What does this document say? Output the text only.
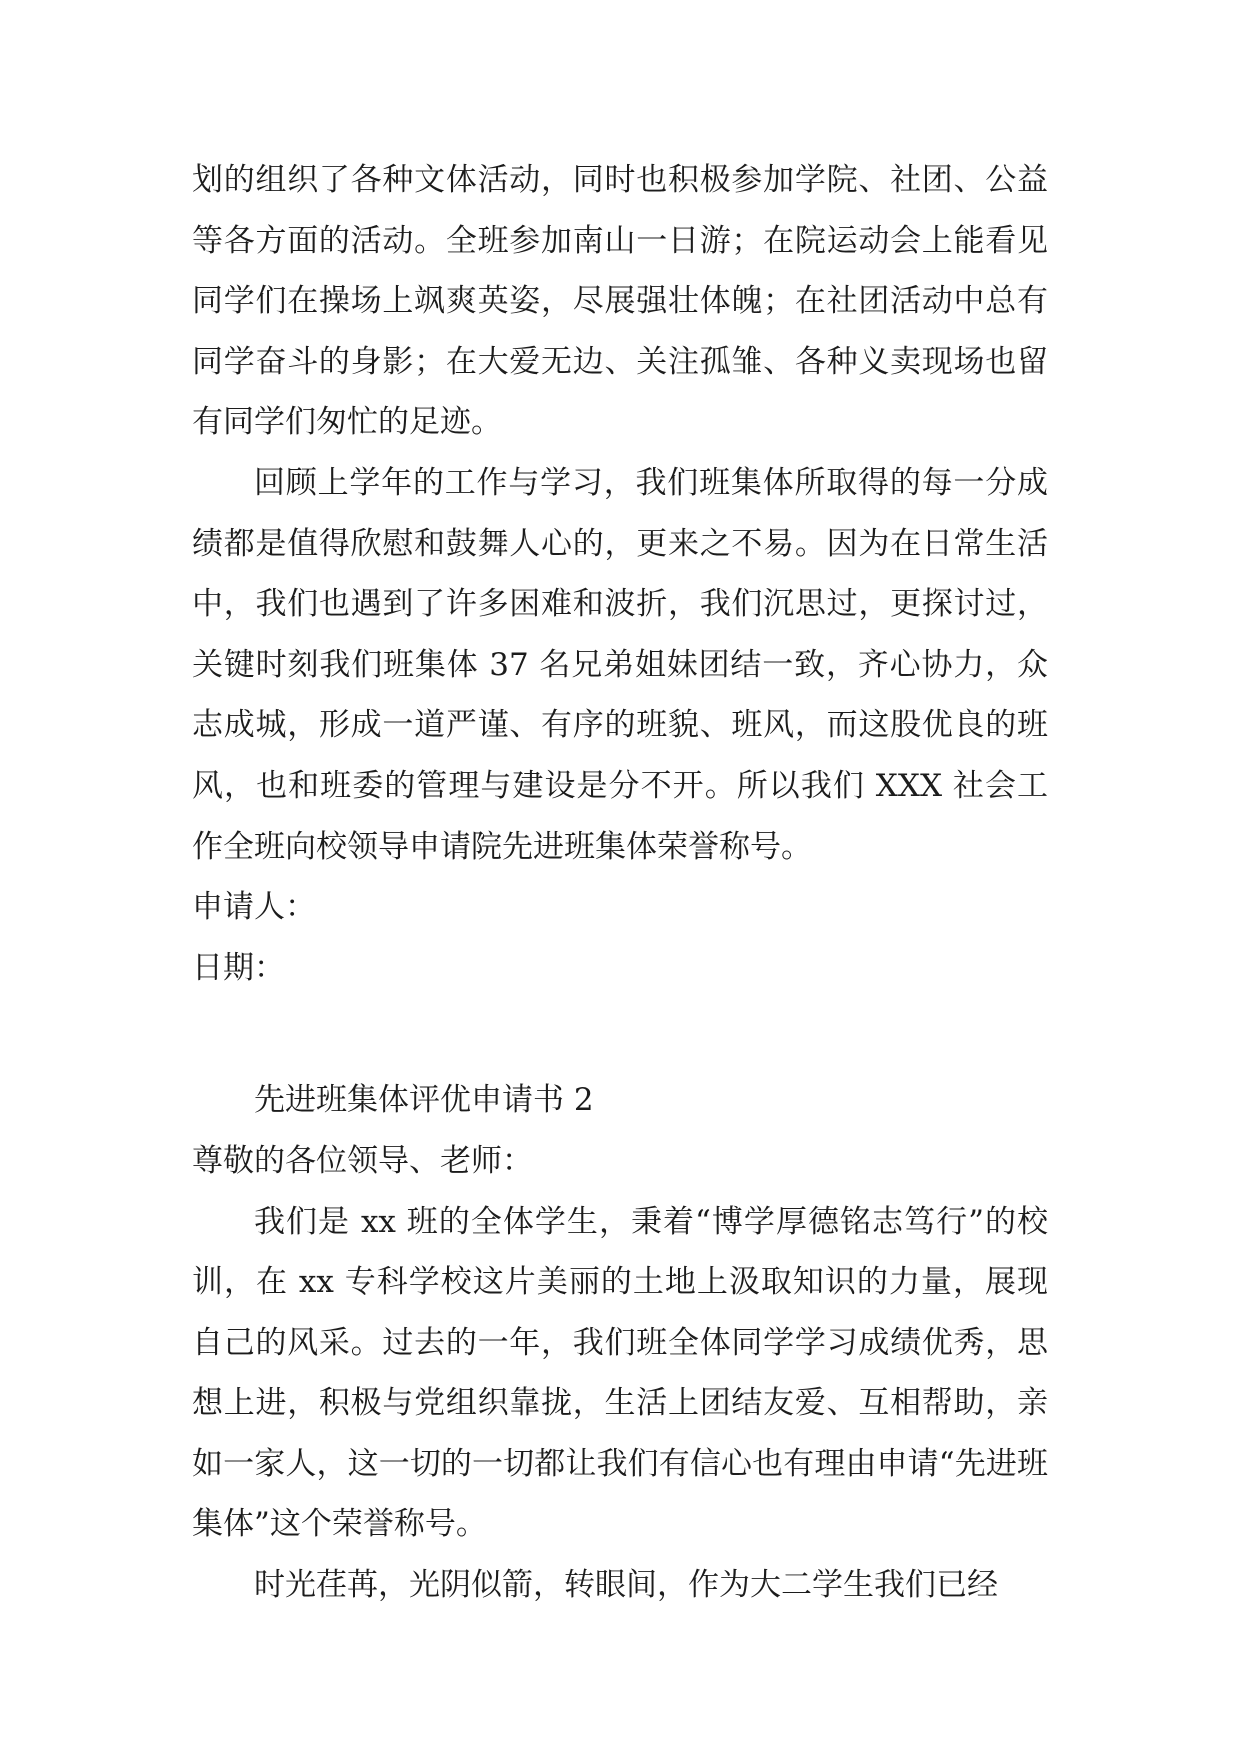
划的组织了各种文体活动，同时也积极参加学院、社团、公益等各方面的活动。全班参加南山一日游；在院运动会上能看见同学们在操场上飒爽英姿，尽展强壮体魄；在社团活动中总有同学奋斗的身影；在大爱无边、关注孤雏、各种义卖现场也留有同学们匆忙的足迹。

回顾上学年的工作与学习，我们班集体所取得的每一分成绩都是值得欣慰和鼓舞人心的，更来之不易。因为在日常生活中，我们也遇到了许多困难和波折，我们沉思过，更探讨过，关键时刻我们班集体 37 名兄弟姐妹团结一致，齐心协力，众志成城，形成一道严谨、有序的班貌、班风，而这股优良的班风，也和班委的管理与建设是分不开。所以我们 XXX 社会工作全班向校领导申请院先进班集体荣誉称号。

申请人：

日期：

先进班集体评优申请书 2

尊敬的各位领导、老师：

我们是 xx 班的全体学生，秉着“博学厚德铭志笃行”的校训，在 xx 专科学校这片美丽的土地上汲取知识的力量，展现自己的风采。过去的一年，我们班全体同学学习成绩优秀，思想上进，积极与党组织靠拢，生活上团结友爱、互相帮助，亲如一家人，这一切的一切都让我们有信心也有理由申请“先进班集体”这个荣誉称号。

时光荏苒，光阴似箭，转眼间，作为大二学生我们已经
